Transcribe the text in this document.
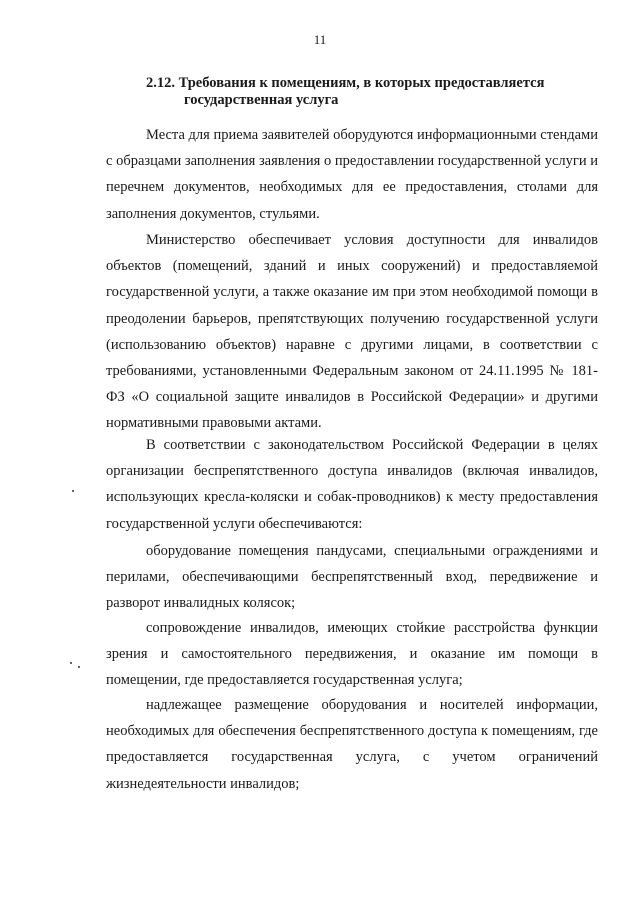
11
2.12. Требования к помещениям, в которых предоставляется
государственная услуга
Места для приема заявителей оборудуются информационными стендами с образцами заполнения заявления о предоставлении государственной услуги и перечнем документов, необходимых для ее предоставления, столами для заполнения документов, стульями.
Министерство обеспечивает условия доступности для инвалидов объектов (помещений, зданий и иных сооружений) и предоставляемой государственной услуги, а также оказание им при этом необходимой помощи в преодолении барьеров, препятствующих получению государственной услуги (использованию объектов) наравне с другими лицами, в соответствии с требованиями, установленными Федеральным законом от 24.11.1995 № 181-ФЗ «О социальной защите инвалидов в Российской Федерации» и другими нормативными правовыми актами.
В соответствии с законодательством Российской Федерации в целях организации беспрепятственного доступа инвалидов (включая инвалидов, использующих кресла-коляски и собак-проводников) к месту предоставления государственной услуги обеспечиваются:
оборудование помещения пандусами, специальными ограждениями и перилами, обеспечивающими беспрепятственный вход, передвижение и разворот инвалидных колясок;
сопровождение инвалидов, имеющих стойкие расстройства функции зрения и самостоятельного передвижения, и оказание им помощи в помещении, где предоставляется государственная услуга;
надлежащее размещение оборудования и носителей информации, необходимых для обеспечения беспрепятственного доступа к помещениям, где предоставляется государственная услуга, с учетом ограничений жизнедеятельности инвалидов;
